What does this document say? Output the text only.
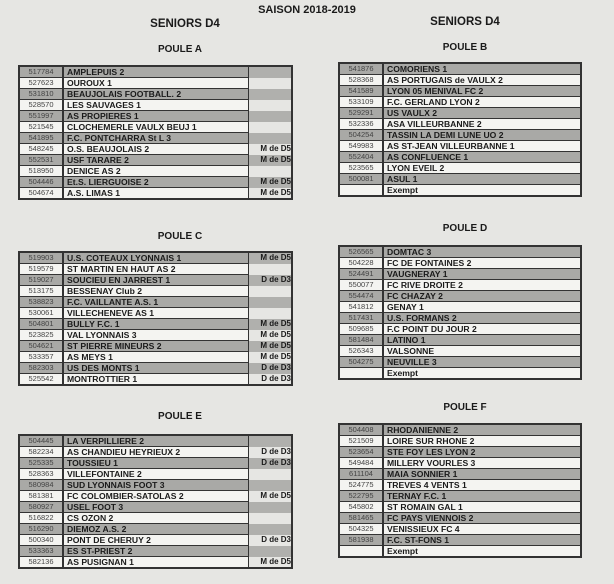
SAISON 2018-2019
SENIORS D4	SENIORS D4
POULE A	POULE B
POULE C
POULE D
POULE E
POULE F
517784	AMPLEPUIS 2	
527623	OUROUX 1	
531810	BEAUJOLAIS FOOTBALL. 2	
528570	LES SAUVAGES 1	
551997	AS PROPIERES 1	
521545	CLOCHEMERLE VAULX BEUJ 1	
541895	F.C. PONTCHARRA St L 3	
548245	O.S. BEAUJOLAIS 2	M de D5
552531	USF TARARE 2	M de D5
518950	DENICE AS 2	
504446	Et.S. LIERGUOISE 2	M de D5
504674	A.S. LIMAS 1	M de D5
541876	COMORIENS 1
528368	AS PORTUGAIS de VAULX 2
541589	LYON 05 MENIVAL FC 2
533109	F.C. GERLAND LYON 2
529291	US VAULX 2
532336	ASA VILLEURBANNE 2
504254	TASSIN LA DEMI LUNE UO 2
549983	AS ST-JEAN VILLEURBANNE 1
552404	AS CONFLUENCE 1
523565	LYON EVEIL 2
500081	ASUL 1
	Exempt
519903	U.S. COTEAUX LYONNAIS 1	M de D5
519579	ST MARTIN EN HAUT AS 2	
519027	SOUCIEU EN JARREST 1	D de D3
513175	BESSENAY Club 2	
538823	F.C. VAILLANTE A.S. 1	
530061	VILLECHENEVE AS 1	
504801	BULLY F.C. 1	M de D5
523825	VAL LYONNAIS 3	M de D5
504621	ST PIERRE MINEURS 2	M de D5
533357	AS MEYS 1	M de D5
582303	US DES MONTS 1	D de D3
525542	MONTROTTIER 1	D de D3
526565	DOMTAC 3
504228	FC DE FONTAINES 2
524491	VAUGNERAY 1
550077	FC RIVE DROITE 2
554474	FC CHAZAY 2
541812	GENAY 1
517431	U.S. FORMANS 2
509685	F.C POINT DU JOUR 2
581484	LATINO 1
526343	VALSONNE
504275	NEUVILLE 3
	Exempt
504445	LA VERPILLIERE 2	
582234	AS CHANDIEU HEYRIEUX 2	D de D3
525335	TOUSSIEU 1	D de D3
528363	VILLEFONTAINE 2	
580984	SUD LYONNAIS FOOT 3	
581381	FC COLOMBIER-SATOLAS 2	M de D5
580927	USEL FOOT 3	
516822	CS OZON 2	
516290	DIEMOZ A.S. 2	
500340	PONT DE CHERUY 2	D de D3
533363	ES ST-PRIEST 2	
582136	AS PUSIGNAN 1	M de D5
504408	RHODANIENNE 2
521509	LOIRE SUR RHONE 2
523654	STE FOY LES LYON 2
549484	MILLERY VOURLES 3
611104	MAIA SONNIER 1
524775	TREVES 4 VENTS 1
522795	TERNAY F.C. 1
545802	ST ROMAIN GAL 1
581465	FC PAYS VIENNOIS 2
504325	VENISSIEUX FC 4
581938	F.C. ST-FONS 1
	Exempt
